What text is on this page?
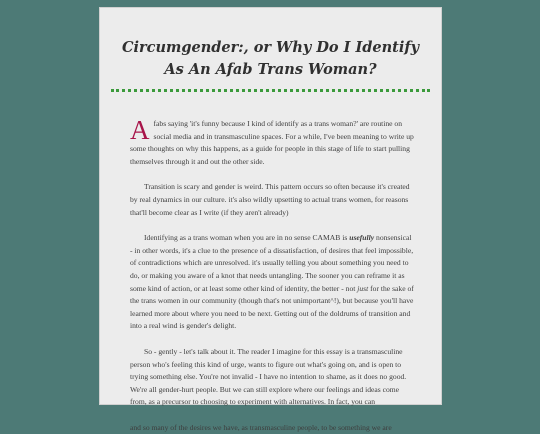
Circumgender:, or Why Do I Identify As An Afab Trans Woman?

Afabs saying 'it's funny because I kind of identify as a trans woman?' are routine on social media and in transmasculine spaces. For a while, I've been meaning to write up some thoughts on why this happens, as a guide for people in this stage of life to start pulling themselves through it and out the other side.

Transition is scary and gender is weird. This pattern occurs so often because it's created by real dynamics in our culture. it's also wildly upsetting to actual trans women, for reasons that'll become clear as I write (if they aren't already)

Identifying as a trans woman when you are in no sense CAMAB is usefully nonsensical - in other words, it's a clue to the presence of a dissatisfaction, of desires that feel impossible, of contradictions which are unresolved. it's usually telling you about something you need to do, or making you aware of a knot that needs untangling. The sooner you can reframe it as some kind of action, or at least some other kind of identity, the better - not just for the sake of the trans women in our community (though that's not unimportant^!), but because you'll have learned more about where you need to be next. Getting out of the doldrums of transition and into a real wind is gender's delight.

So - gently - let's talk about it. The reader I imagine for this essay is a transmasculine person who's feeling this kind of urge, wants to figure out what's going on, and is open to trying something else. You're not invalid - I have no intention to shame, as it does no good. We're all gender-hurt people. But we can still explore where our feelings and ideas come from, as a precursor to choosing to experiment with alternatives. In fact, you can

and so many of the desires we have, as transmasculine people, to be something we are
